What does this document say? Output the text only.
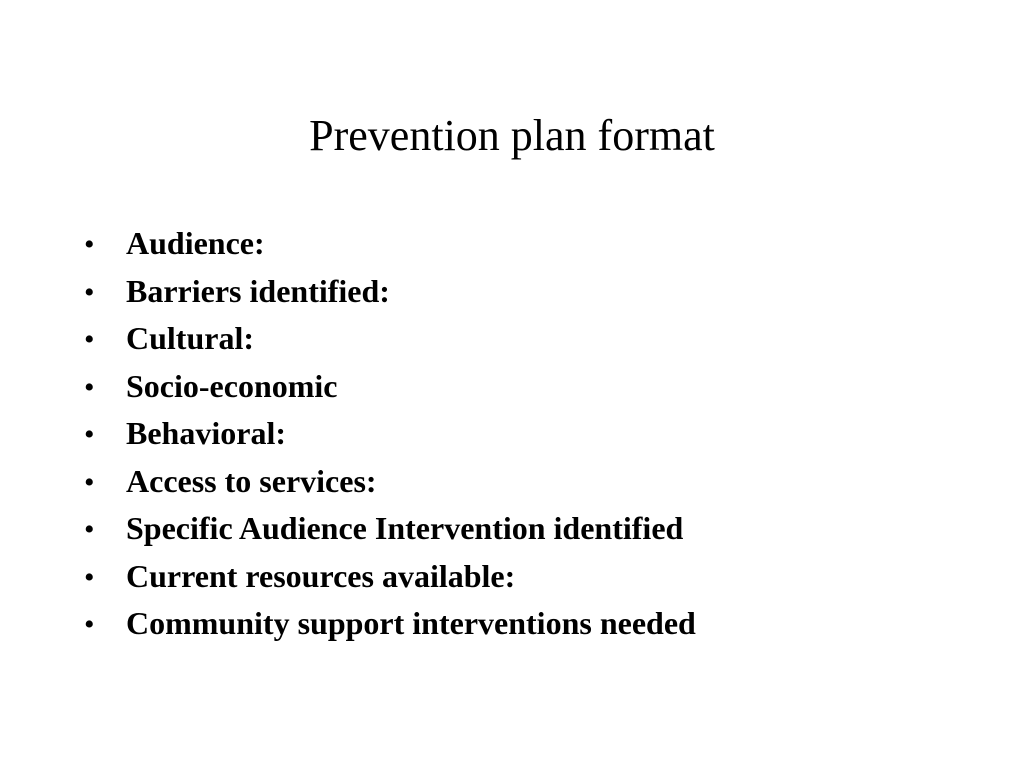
Prevention plan format
• Audience:
• Barriers identified:
• Cultural:
• Socio-economic
• Behavioral:
• Access to services:
• Specific Audience Intervention identified
• Current resources available:
• Community support interventions needed
